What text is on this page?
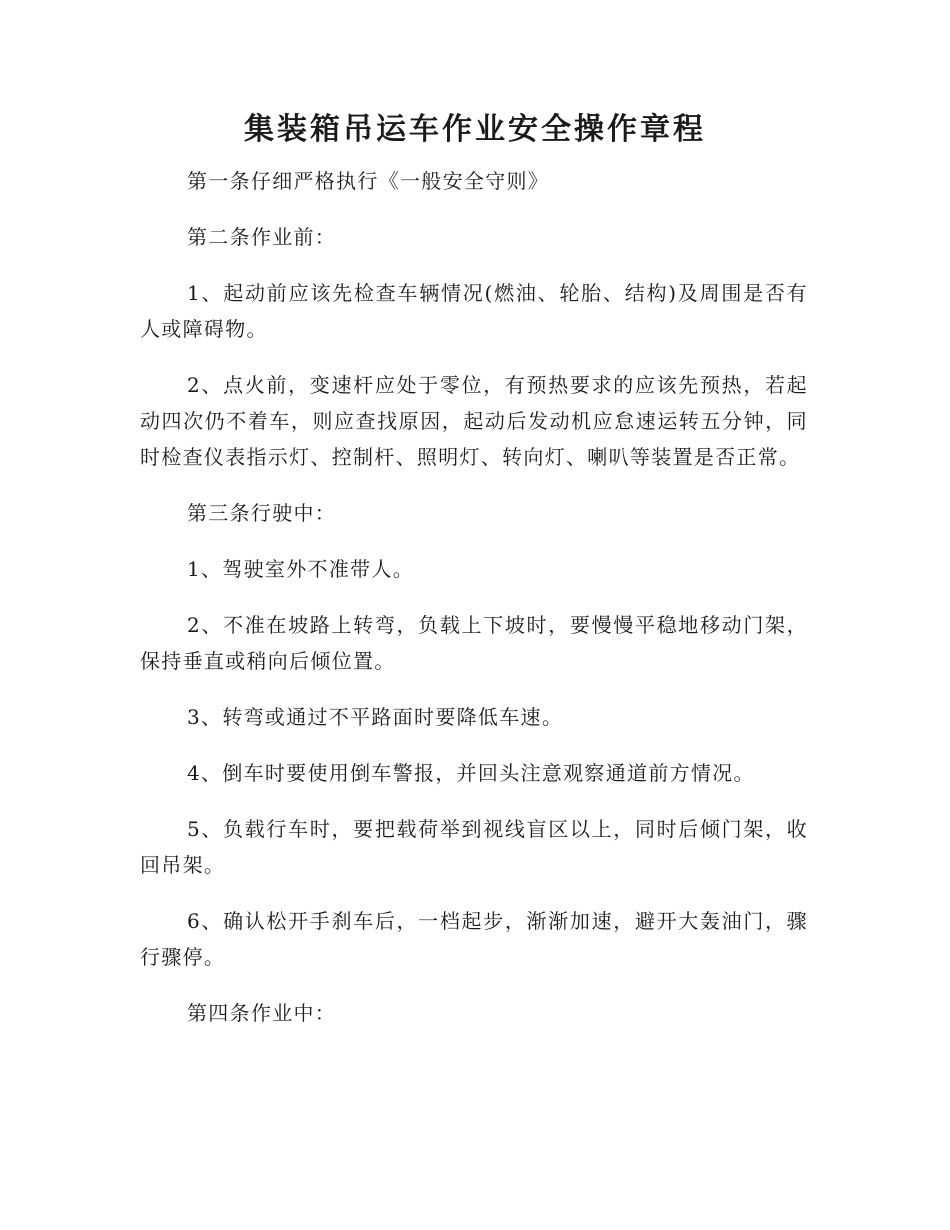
集装箱吊运车作业安全操作章程

第一条仔细严格执行《一般安全守则》

第二条作业前：

1、起动前应该先检查车辆情况(燃油、轮胎、结构)及周围是否有人或障碍物。

2、点火前，变速杆应处于零位，有预热要求的应该先预热，若起动四次仍不着车，则应查找原因，起动后发动机应怠速运转五分钟，同时检查仪表指示灯、控制杆、照明灯、转向灯、喇叭等装置是否正常。

第三条行驶中：

1、驾驶室外不准带人。

2、不准在坡路上转弯，负载上下坡时，要慢慢平稳地移动门架，保持垂直或稍向后倾位置。

3、转弯或通过不平路面时要降低车速。

4、倒车时要使用倒车警报，并回头注意观察通道前方情况。

5、负载行车时，要把载荷举到视线盲区以上，同时后倾门架，收回吊架。

6、确认松开手刹车后，一档起步，渐渐加速，避开大轰油门，骤行骤停。

第四条作业中：
